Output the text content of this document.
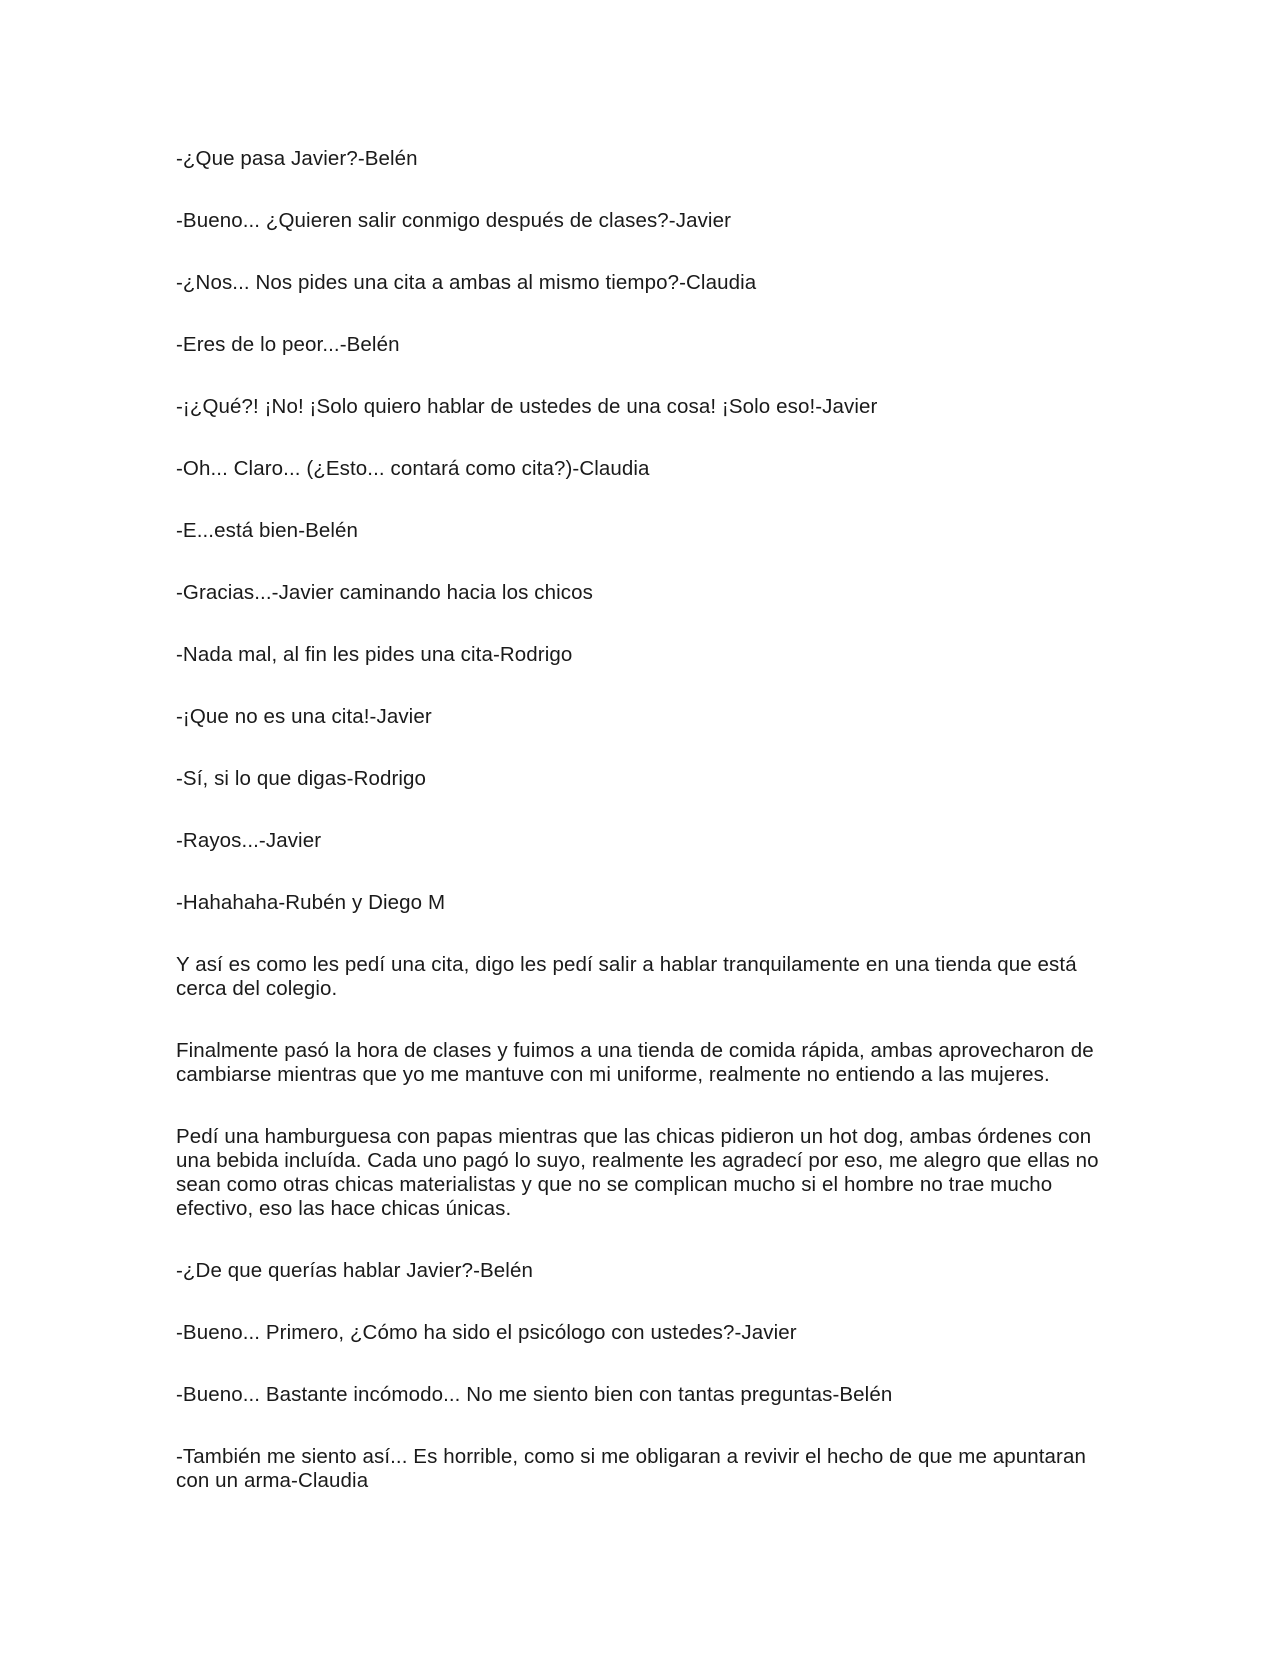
-¿Que pasa Javier?-Belén

-Bueno... ¿Quieren salir conmigo después de clases?-Javier

-¿Nos... Nos pides una cita a ambas al mismo tiempo?-Claudia

-Eres de lo peor...-Belén

-¡¿Qué?! ¡No! ¡Solo quiero hablar de ustedes de una cosa! ¡Solo eso!-Javier

-Oh... Claro... (¿Esto... contará como cita?)-Claudia

-E...está bien-Belén

-Gracias...-Javier caminando hacia los chicos

-Nada mal, al fin les pides una cita-Rodrigo

-¡Que no es una cita!-Javier

-Sí, si lo que digas-Rodrigo

-Rayos...-Javier

-Hahahaha-Rubén y Diego M

Y así es como les pedí una cita, digo les pedí salir a hablar tranquilamente en una tienda que está cerca del colegio.

Finalmente pasó la hora de clases y fuimos a una tienda de comida rápida, ambas aprovecharon de cambiarse mientras que yo me mantuve con mi uniforme, realmente no entiendo a las mujeres.

Pedí una hamburguesa con papas mientras que las chicas pidieron un hot dog, ambas órdenes con una bebida incluída. Cada uno pagó lo suyo, realmente les agradecí por eso, me alegro que ellas no sean como otras chicas materialistas y que no se complican mucho si el hombre no trae mucho efectivo, eso las hace chicas únicas.

-¿De que querías hablar Javier?-Belén

-Bueno... Primero, ¿Cómo ha sido el psicólogo con ustedes?-Javier

-Bueno... Bastante incómodo... No me siento bien con tantas preguntas-Belén

-También me siento así... Es horrible, como si me obligaran a revivir el hecho de que me apuntaran con un arma-Claudia
